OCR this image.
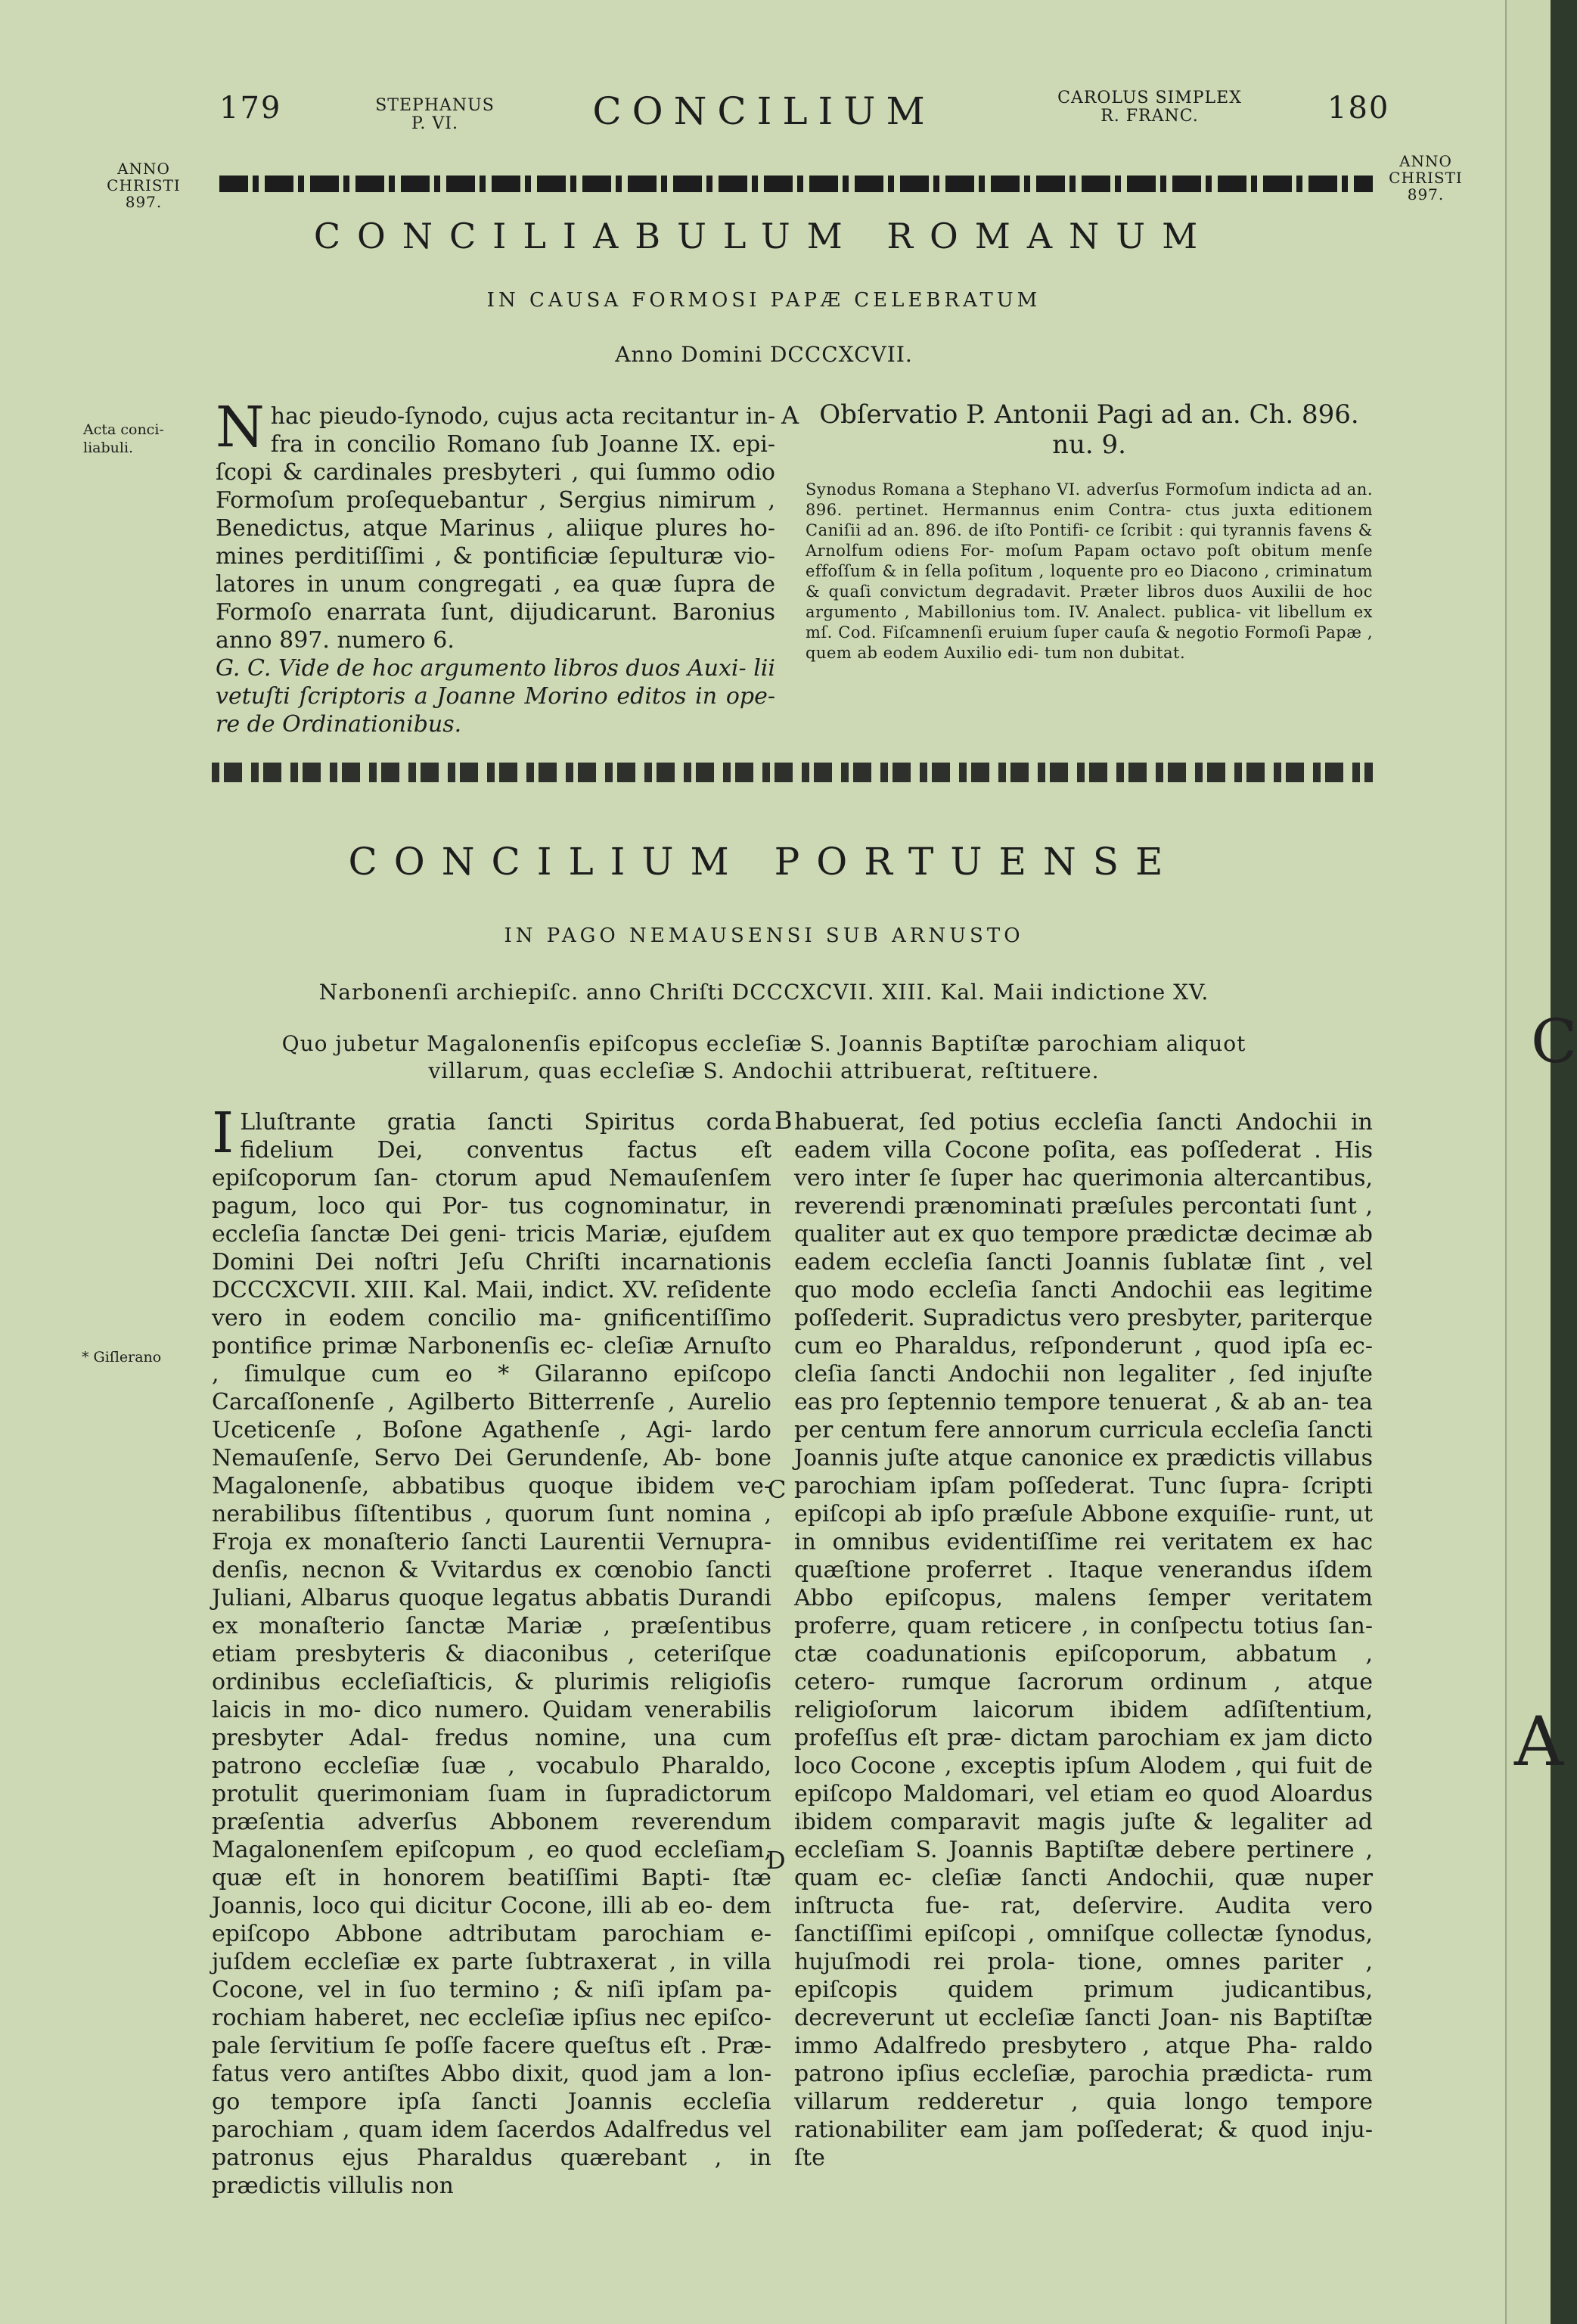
179	STEPHANUS
P. VI.	CONCILIUM	CAROLUS SIMPLEX
R. FRANC.	180
ANNO
CHRISTI
897.
ANNO
CHRISTI
897.
CONCILIABULUM ROMANUM
IN CAUSA FORMOSI PAPÆ CELEBRATUM
Anno Domini DCCCXCVII.
Acta conci-
liabuli.	Nhac pieudo-ſynodo, cujus acta recitantur in- fra in concilio Romano ſub Joanne IX. epi- ſcopi & cardinales presbyteri , qui ſummo odio Formoſum proſequebantur , Sergius nimirum , Benedictus, atque Marinus , aliique plures ho- mines perditiſſimi , & pontificiæ ſepulturæ vio- latores in unum congregati , ea quæ ſupra de Formoſo enarrata ſunt, dijudicarunt. Baronius anno 897. numero 6.
G. C. Vide de hoc argumento libros duos Auxi- lii vetuſti ſcriptoris a Joanne Morino editos in ope- re de Ordinationibus.
A Obſervatio P. Antonii Pagi ad an. Ch. 896. nu. 9.
Synodus Romana a Stephano VI. adverſus Formoſum indicta ad an. 896. pertinet. Hermannus enim Contra- ctus juxta editionem Caniſii ad an. 896. de iſto Pontifi- ce ſcribit : qui tyrannis favens & Arnolfum odiens For- moſum Papam octavo poſt obitum menſe effoſſum & in ſella poſitum , loquente pro eo Diacono , criminatum & quaſi convictum degradavit. Præter libros duos Auxilii de hoc argumento , Mabillonius tom. IV. Analect. publica- vit libellum ex mſ. Cod. Fiſcamnenſi eruium ſuper cauſa & negotio Formoſi Papæ , quem ab eodem Auxilio edi- tum non dubitat.
CONCILIUM PORTUENSE
IN PAGO NEMAUSENSI SUB ARNUSTO
Narbonenſi archiepiſc. anno Chriſti DCCCXCVII. XIII. Kal. Maii indictione XV.
Quo jubetur Magalonenſis epiſcopus eccleſiæ S. Joannis Baptiſtæ parochiam aliquot villarum, quas eccleſiæ S. Andochii attribuerat, reſtituere.
* Giſlerano
I Lluſtrante gratia ſancti Spiritus corda fidelium Dei, conventus factus eſt epiſcoporum ſan- ctorum apud Nemauſenſem pagum, loco qui Por- tus cognominatur, in eccleſia ſanctæ Dei geni- tricis Mariæ, ejuſdem Domini Dei noſtri Jeſu Chriſti incarnationis DCCCXCVII. XIII. Kal. Maii, indict. XV. reſidente vero in eodem concilio ma- gnificentiſſimo pontifice primæ Narbonenſis ec- cleſiæ Arnuſto , ſimulque cum eo * Gilaranno epiſcopo Carcaſſonenſe , Agilberto Bitterrenſe , Aurelio Uceticenſe , Boſone Agathenſe , Agi- lardo Nemauſenſe, Servo Dei Gerundenſe, Ab- bone Magalonenſe, abbatibus quoque ibidem ve- nerabilibus ſiſtentibus , quorum ſunt nomina , Froja ex monaſterio ſancti Laurentii Vernupra- denſis, necnon & Vvitardus ex cœnobio ſancti Juliani, Albarus quoque legatus abbatis Durandi ex monaſterio ſanctæ Mariæ , præſentibus etiam presbyteris & diaconibus , ceteriſque ordinibus eccleſiaſticis, & plurimis religioſis laicis in mo- dico numero. Quidam venerabilis presbyter Adal- fredus nomine, una cum patrono eccleſiæ ſuæ , vocabulo Pharaldo, protulit querimoniam ſuam in ſupradictorum præſentia adverſus Abbonem reverendum Magalonenſem epiſcopum , eo quod eccleſiam, quæ eſt in honorem beatiſſimi Bapti- ſtæ Joannis, loco qui dicitur Cocone, illi ab eo- dem epiſcopo Abbone adtributam parochiam e- juſdem eccleſiæ ex parte ſubtraxerat , in villa Cocone, vel in ſuo termino ; & niſi ipſam pa- rochiam haberet, nec eccleſiæ ipſius nec epiſco- pale ſervitium ſe poſſe facere queſtus eſt . Præ- fatus vero antiſtes Abbo dixit, quod jam a lon- go tempore ipſa ſancti Joannis eccleſia parochiam , quam idem ſacerdos Adalfredus vel patronus ejus Pharaldus quærebant , in prædictis villulis non
B
C
D
habuerat, ſed potius eccleſia ſancti Andochii in eadem villa Cocone poſita, eas poſſederat . His vero inter ſe ſuper hac querimonia altercantibus, reverendi prænominati præſules percontati ſunt , qualiter aut ex quo tempore prædictæ decimæ ab eadem eccleſia ſancti Joannis ſublatæ ſint , vel quo modo eccleſia ſancti Andochii eas legitime poſſederit. Supradictus vero presbyter, pariterque cum eo Pharaldus, reſponderunt , quod ipſa ec- cleſia ſancti Andochii non legaliter , ſed injuſte eas pro ſeptennio tempore tenuerat , & ab an- tea per centum fere annorum curricula eccleſia ſancti Joannis juſte atque canonice ex prædictis villabus parochiam ipſam poſſederat. Tunc ſupra- ſcripti epiſcopi ab ipſo præſule Abbone exquiſie- runt, ut in omnibus evidentiſſime rei veritatem ex hac quæſtione proferret . Itaque venerandus iſdem Abbo epiſcopus, malens ſemper veritatem proferre, quam reticere , in conſpectu totius ſan- ctæ coadunationis epiſcoporum, abbatum , cetero- rumque ſacrorum ordinum , atque religioſorum laicorum ibidem adſiſtentium, profeſſus eſt præ- dictam parochiam ex jam dicto loco Cocone , exceptis ipſum Alodem , qui fuit de epiſcopo Maldomari, vel etiam eo quod Aloardus ibidem comparavit magis juſte & legaliter ad eccleſiam S. Joannis Baptiſtæ debere pertinere , quam ec- cleſiæ ſancti Andochii, quæ nuper inſtructa fue- rat, deſervire. Audita vero ſanctiſſimi epiſcopi , omniſque collectæ ſynodus, hujuſmodi rei prola- tione, omnes pariter , epiſcopis quidem primum judicantibus, decreverunt ut eccleſiæ ſancti Joan- nis Baptiſtæ immo Adalfredo presbytero , atque Pha- raldo patrono ipſius eccleſiæ, parochia prædicta- rum villarum redderetur , quia longo tempore rationabiliter eam jam poſſederat; & quod inju- ſte
C
A
